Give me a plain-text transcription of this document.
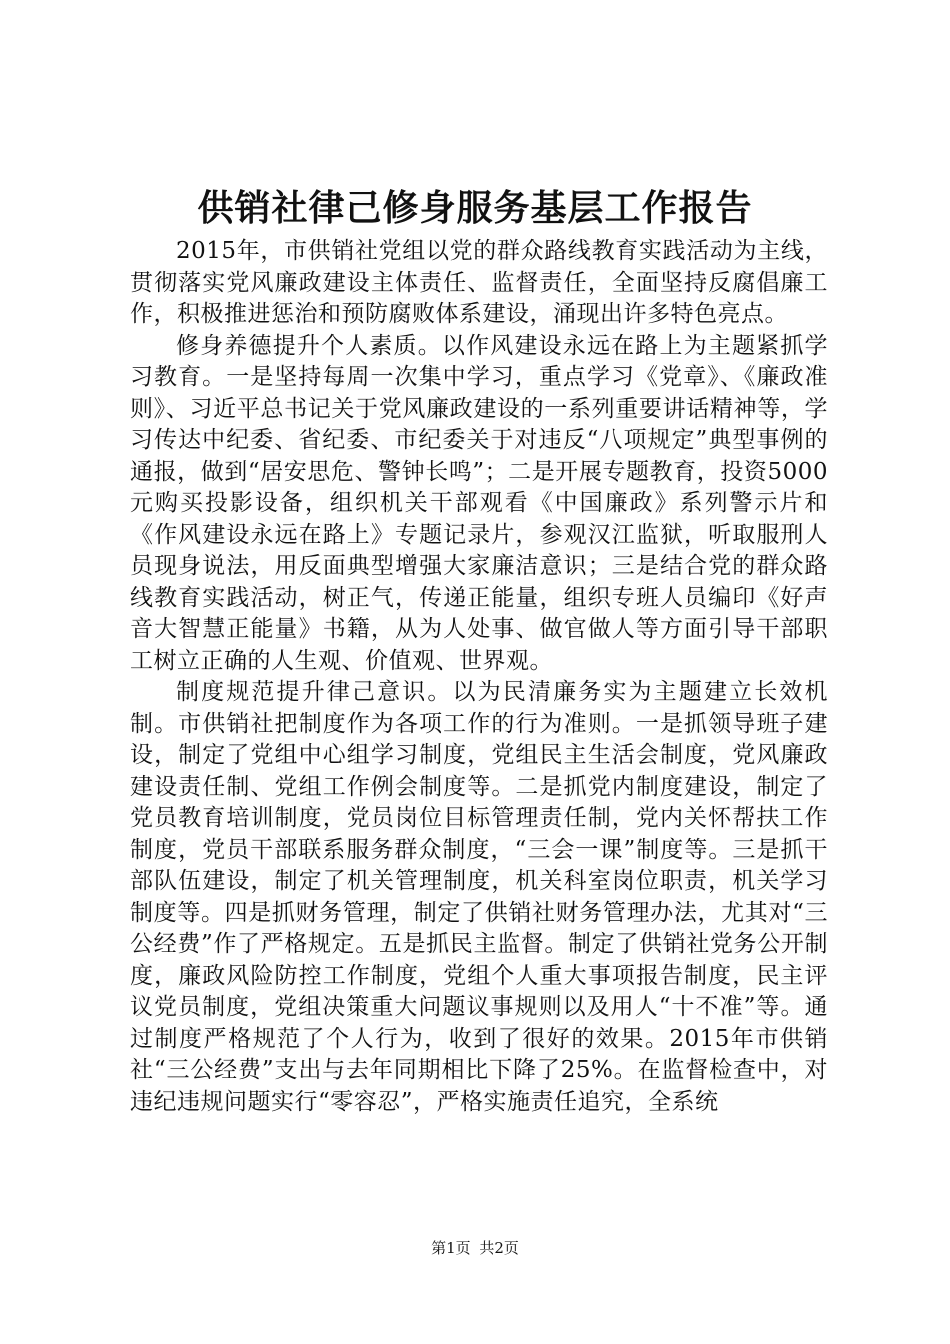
供销社律己修身服务基层工作报告

2015年，市供销社党组以党的群众路线教育实践活动为主线，贯彻落实党风廉政建设主体责任、监督责任，全面坚持反腐倡廉工作，积极推进惩治和预防腐败体系建设，涌现出许多特色亮点。

修身养德提升个人素质。以作风建设永远在路上为主题紧抓学习教育。一是坚持每周一次集中学习，重点学习《党章》、《廉政准则》、习近平总书记关于党风廉政建设的一系列重要讲话精神等，学习传达中纪委、省纪委、市纪委关于对违反“八项规定”典型事例的通报，做到“居安思危、警钟长鸣”；二是开展专题教育，投资5000元购买投影设备，组织机关干部观看《中国廉政》系列警示片和《作风建设永远在路上》专题记录片，参观汉江监狱，听取服刑人员现身说法，用反面典型增强大家廉洁意识；三是结合党的群众路线教育实践活动，树正气，传递正能量，组织专班人员编印《好声音大智慧正能量》书籍，从为人处事、做官做人等方面引导干部职工树立正确的人生观、价值观、世界观。

制度规范提升律己意识。以为民清廉务实为主题建立长效机制。市供销社把制度作为各项工作的行为准则。一是抓领导班子建设，制定了党组中心组学习制度，党组民主生活会制度，党风廉政建设责任制、党组工作例会制度等。二是抓党内制度建设，制定了党员教育培训制度，党员岗位目标管理责任制，党内关怀帮扶工作制度，党员干部联系服务群众制度，“三会一课”制度等。三是抓干部队伍建设，制定了机关管理制度，机关科室岗位职责，机关学习制度等。四是抓财务管理，制定了供销社财务管理办法，尤其对“三公经费”作了严格规定。五是抓民主监督。制定了供销社党务公开制度，廉政风险防控工作制度，党组个人重大事项报告制度，民主评议党员制度，党组决策重大问题议事规则以及用人“十不准”等。通过制度严格规范了个人行为，收到了很好的效果。2015年市供销社“三公经费”支出与去年同期相比下降了25%。在监督检查中，对违纪违规问题实行“零容忍”，严格实施责任追究，全系统

第1页 共2页
